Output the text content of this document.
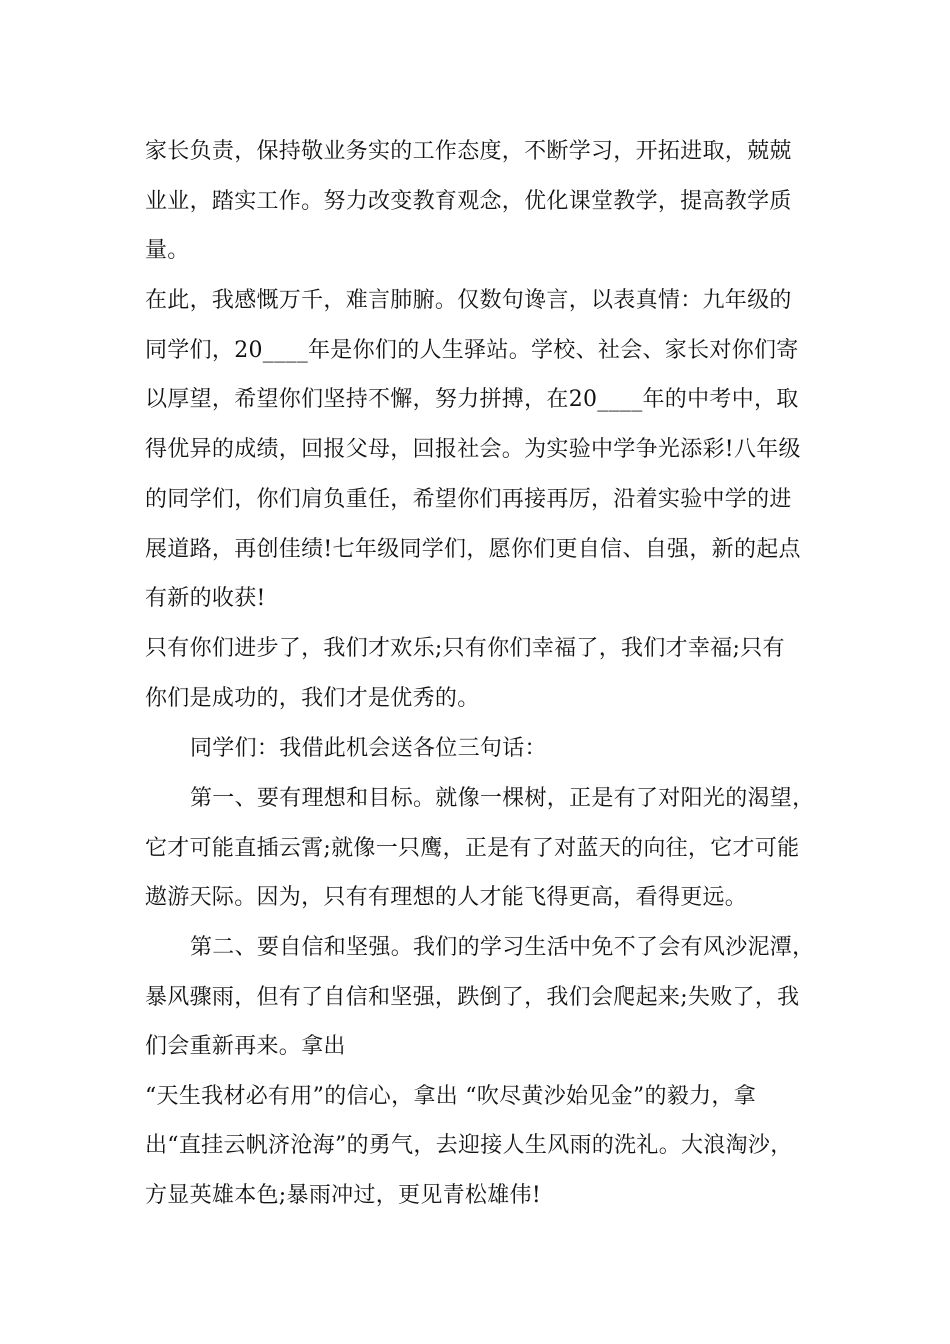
家长负责，保持敬业务实的工作态度，不断学习，开拓进取，兢兢
业业，踏实工作。努力改变教育观念，优化课堂教学，提高教学质
量。
在此，我感慨万千，难言肺腑。仅数句谗言，以表真情：九年级的
同学们，20____年是你们的人生驿站。学校、社会、家长对你们寄
以厚望，希望你们坚持不懈，努力拼搏，在20____年的中考中，取
得优异的成绩，回报父母，回报社会。为实验中学争光添彩!八年级
的同学们，你们肩负重任，希望你们再接再厉，沿着实验中学的进
展道路，再创佳绩!七年级同学们，愿你们更自信、自强，新的起点
有新的收获!
只有你们进步了，我们才欢乐;只有你们幸福了，我们才幸福;只有
你们是成功的，我们才是优秀的。
同学们：我借此机会送各位三句话：
第一、要有理想和目标。就像一棵树，正是有了对阳光的渴望，
它才可能直插云霄;就像一只鹰，正是有了对蓝天的向往，它才可能
遨游天际。因为，只有有理想的人才能飞得更高，看得更远。
第二、要自信和坚强。我们的学习生活中免不了会有风沙泥潭，
暴风骤雨，但有了自信和坚强，跌倒了，我们会爬起来;失败了，我
们会重新再来。拿出
“天生我材必有用”的信心，拿出 “吹尽黄沙始见金”的毅力，拿
出“直挂云帆济沧海”的勇气，去迎接人生风雨的洗礼。大浪淘沙，
方显英雄本色;暴雨冲过，更见青松雄伟!
